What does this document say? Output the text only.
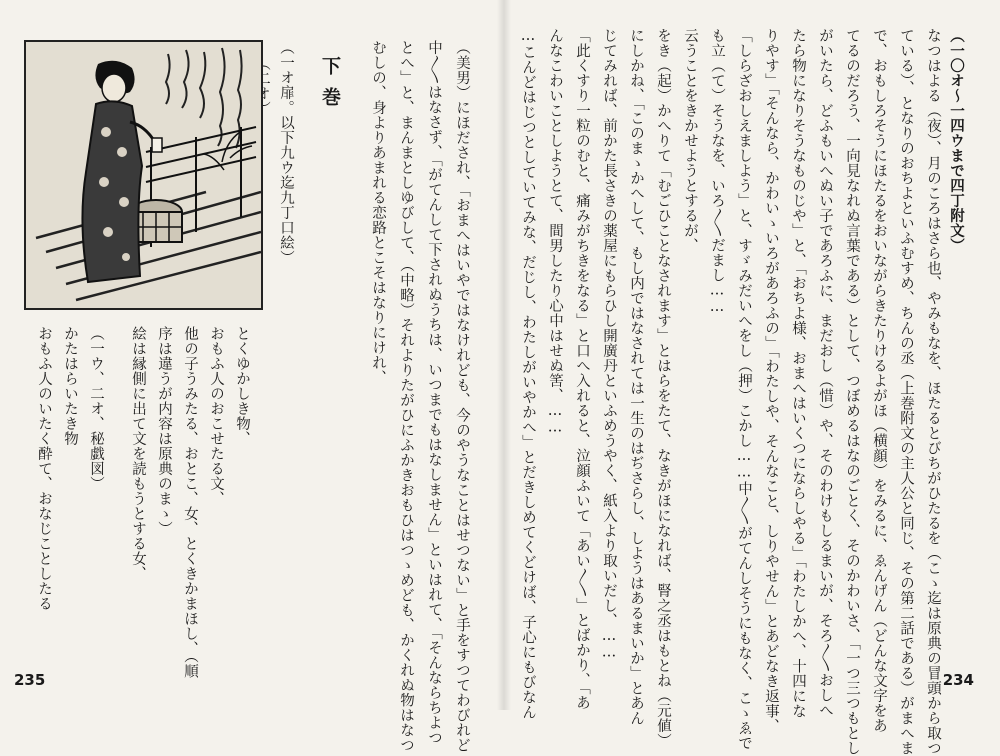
（一〇オ〜一四ウまで四丁附文）
なつはよる（夜）、月のころはさら也、やみもなを、ほたるとびちがひたるを（こゝ迄は原典の冒頭から取つ
ている）、となりのおちよといふむすめ、ちんの丞（上巻附文の主人公と同じ、その第二話である）がまへま
で、おもしろそうにほたるをおいながらきたりけるよがほ（横顔）をみるに、ゑんげん（どんな文字をあ
てるのだろう、一向見なれぬ言葉である）として、つぼめるはなのごとく、そのかわいさ、「一つ三つもとし
がいたら、どふもいへぬい子であろふに、まだおし（惜）や、そのわけもしるまいが、そろ〳〵おしへ
たら物になりそうなものじや」と、「おちよ様、おまへはいくつにならしやる」「わたしかへ、十四にな
りやす」「そんなら、かわいゝいろがあろふの」「わたしや、そんなこと、しりやせん」とあどなき返事、
「しらざおしえましよう」と、すゞみだいへをし（押）こかし……中〳〵がてんしそうにもなく、こゝゑで
も立（て）そうなを、いろ〳〵だまし……
云うことをきかせようとするが、
をき（起）かへりて「むごひことなされます」とはらをたて、なきがほになれば、腎之丞はもとね（元値）
にしかね、「このまゝかへして、もし内ではなされては一生のはぢさらし、しようはあるまいか」とあん
じてみれば、前かた長さきの薬屋にもらひし開廣丹といふめうやく、紙入より取いだし、……
「此くすり一粒のむと、痛みがちきをなる」と口へ入れると、泣顔ふいて「あい〳〵」とばかり、「あ
んなこわいことしようとて、間男したり心中はせぬ筈、……
…こんどはじつとしていてみな、だじし、わたしがいやかへ」とだきしめてくどけば、子心にもびなん	234
（美男）にほだされ、「おまへはいやではなけれども、今のやうなことはせつない」と手をすつてわびれど
中〳〵はなさず、「がてんして下されぬうちは、いつまでもはなしません」といはれて、「そんならちよつ
とへ」と、まんまとしゆびして、（中略）それよりたがひにふかきおもひはつゝめども、かくれぬ物はなつ
むしの、身よりあまれる恋路とこそはなりにけれ、
下巻
（一オ扉。以下九ウ迄九丁口絵）
とくゆかしき物、
おもふ人のおこせたる文、
他の子うみたる、おとこ、女、とくきかまほし、（順
序は違うが内容は原典のまゝ）
絵は縁側に出て文を読もうとする女、
（一ウ、二オ、秘戯図）
かたはらいたき物
おもふ人のいたく酔て、おなじことしたる
235
